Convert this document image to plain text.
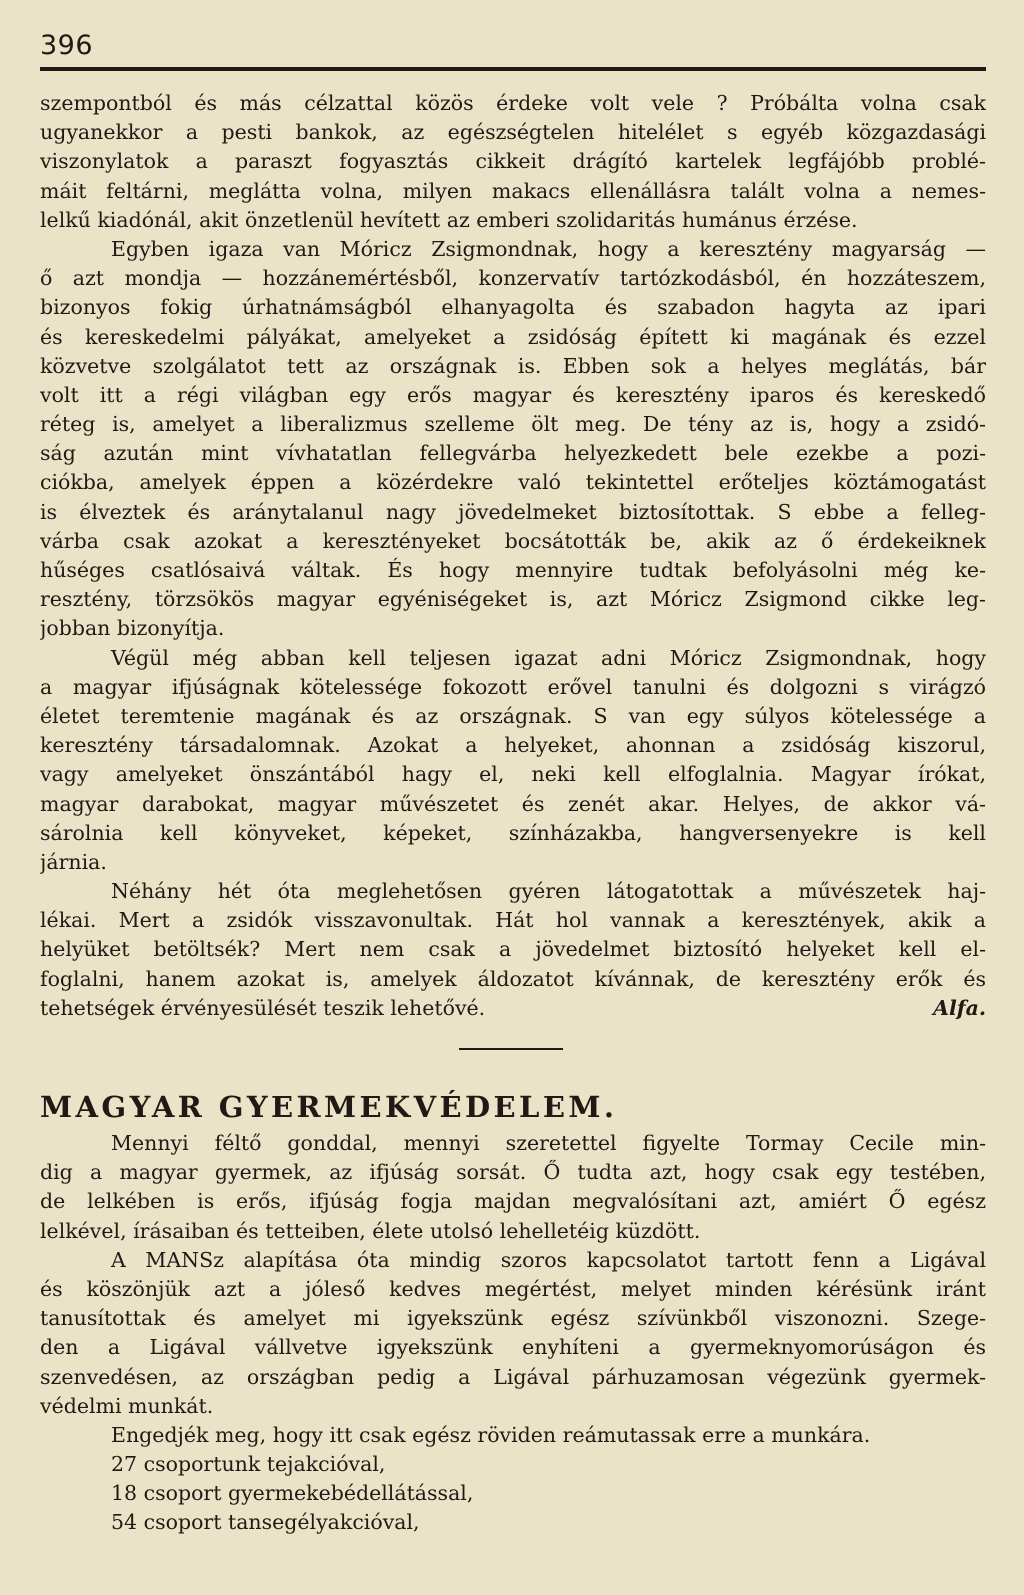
396
szempontból és más célzattal közös érdeke volt vele ? Próbálta volna csak
ugyanekkor a pesti bankok, az egészségtelen hitelélet s egyéb közgazdasági
viszonylatok a paraszt fogyasztás cikkeit drágító kartelek legfájóbb problé-
máit feltárni, meglátta volna, milyen makacs ellenállásra talált volna a nemes-
lelkű kiadónál, akit önzetlenül hevített az emberi szolidaritás humánus érzése.
Egyben igaza van Móricz Zsigmondnak, hogy a keresztény magyarság —
ő azt mondja — hozzánemértésből, konzervatív tartózkodásból, én hozzáteszem,
bizonyos fokig úrhatnámságból elhanyagolta és szabadon hagyta az ipari
és kereskedelmi pályákat, amelyeket a zsidóság épített ki magának és ezzel
közvetve szolgálatot tett az országnak is. Ebben sok a helyes meglátás, bár
volt itt a régi világban egy erős magyar és keresztény iparos és kereskedő
réteg is, amelyet a liberalizmus szelleme ölt meg. De tény az is, hogy a zsidó-
ság azután mint vívhatatlan fellegvárba helyezkedett bele ezekbe a pozi-
ciókba, amelyek éppen a közérdekre való tekintettel erőteljes köztámogatást
is élveztek és aránytalanul nagy jövedelmeket biztosítottak. S ebbe a felleg-
várba csak azokat a keresztényeket bocsátották be, akik az ő érdekeiknek
hűséges csatlósaivá váltak. És hogy mennyire tudtak befolyásolni még ke-
resztény, törzsökös magyar egyéniségeket is, azt Móricz Zsigmond cikke leg-
jobban bizonyítja.
Végül még abban kell teljesen igazat adni Móricz Zsigmondnak, hogy
a magyar ifjúságnak kötelessége fokozott erővel tanulni és dolgozni s virágzó
életet teremtenie magának és az országnak. S van egy súlyos kötelessége a
keresztény társadalomnak. Azokat a helyeket, ahonnan a zsidóság kiszorul,
vagy amelyeket önszántából hagy el, neki kell elfoglalnia. Magyar írókat,
magyar darabokat, magyar művészetet és zenét akar. Helyes, de akkor vá-
sárolnia kell könyveket, képeket, színházakba, hangversenyekre is kell
járnia.
Néhány hét óta meglehetősen gyéren látogatottak a művészetek haj-
lékai. Mert a zsidók visszavonultak. Hát hol vannak a keresztények, akik a
helyüket betöltsék? Mert nem csak a jövedelmet biztosító helyeket kell el-
foglalni, hanem azokat is, amelyek áldozatot kívánnak, de keresztény erők és
tehetségek érvényesülését teszik lehetővé.	Alfa.
MAGYAR GYERMEKVÉDELEM.
Mennyi féltő gonddal, mennyi szeretettel figyelte Tormay Cecile min-
dig a magyar gyermek, az ifjúság sorsát. Ő tudta azt, hogy csak egy testében,
de lelkében is erős, ifjúság fogja majdan megvalósítani azt, amiért Ő egész
lelkével, írásaiban és tetteiben, élete utolsó lehelletéig küzdött.
A MANSz alapítása óta mindig szoros kapcsolatot tartott fenn a Ligával
és köszönjük azt a jóleső kedves megértést, melyet minden kérésünk iránt
tanusítottak és amelyet mi igyekszünk egész szívünkből viszonozni. Szege-
den a Ligával vállvetve igyekszünk enyhíteni a gyermeknyomorúságon és
szenvedésen, az országban pedig a Ligával párhuzamosan végezünk gyermek-
védelmi munkát.
Engedjék meg, hogy itt csak egész röviden reámutassak erre a munkára.
27 csoportunk tejakcióval,
18 csoport gyermekebédellátással,
54 csoport tansegélyakcióval,
